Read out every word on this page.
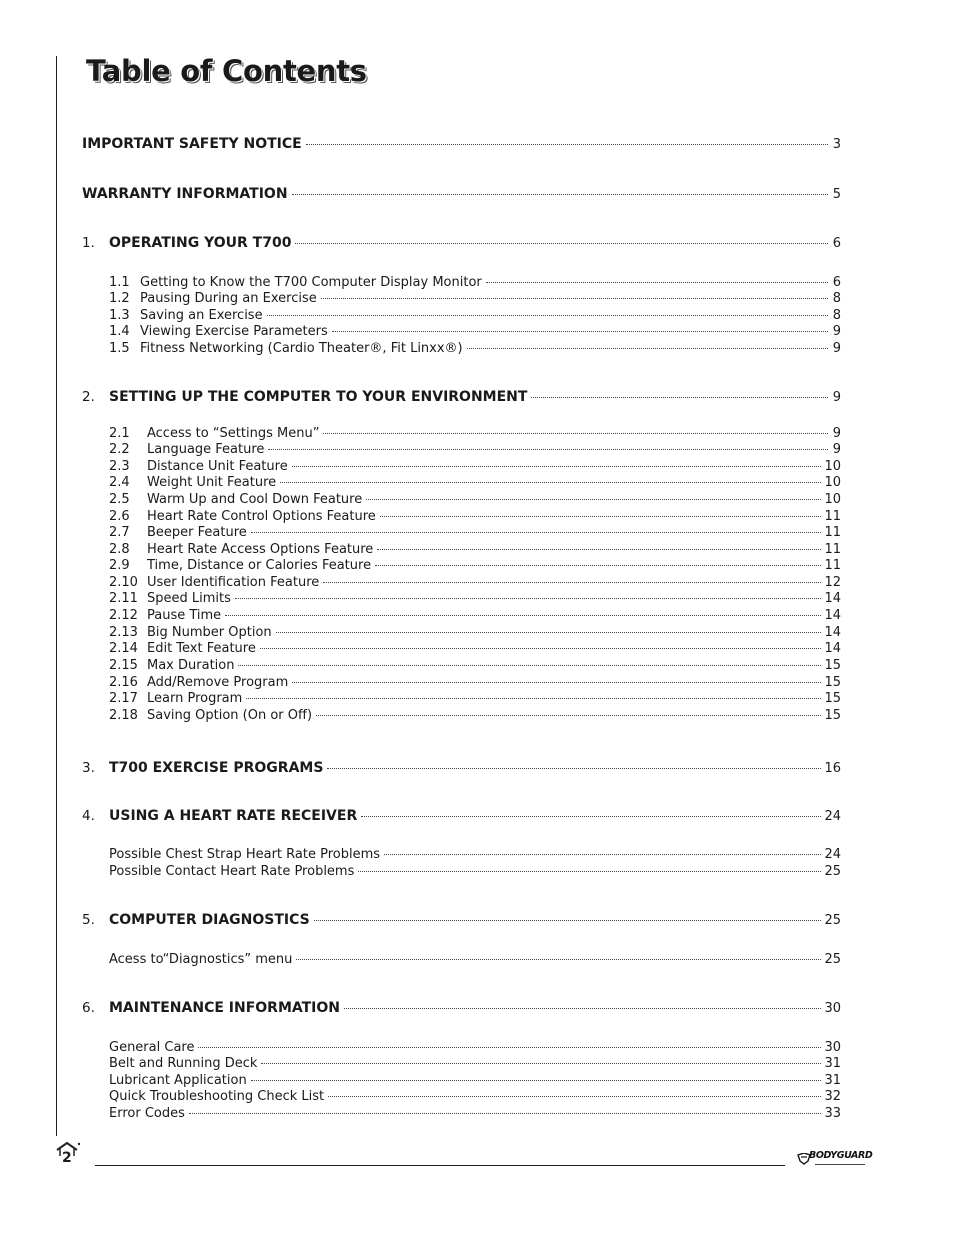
Table of Contents
IMPORTANT SAFETY NOTICE	3
WARRANTY INFORMATION	5
1.	OPERATING YOUR T700	6
1.1 Getting to Know the T700 Computer Display Monitor	6
1.2 Pausing During an Exercise	8
1.3 Saving an Exercise	8
1.4 Viewing Exercise Parameters	9
1.5 Fitness Networking (Cardio Theater®, Fit Linxx®)	9
2.	SETTING UP THE COMPUTER TO YOUR ENVIRONMENT	9
2.1	Access to “Settings Menu”	9
2.2	Language Feature	9
2.3	Distance Unit Feature	10
2.4	Weight Unit Feature	10
2.5	Warm Up and Cool Down Feature	10
2.6	Heart Rate Control Options Feature	11
2.7	Beeper Feature	11
2.8	Heart Rate Access Options Feature	11
2.9	Time, Distance or Calories Feature	11
2.10 User Identification Feature	12
2.11 Speed Limits	14
2.12 Pause Time	14
2.13 Big Number Option	14
2.14 Edit Text Feature	14
2.15 Max Duration	15
2.16 Add/Remove Program	15
2.17 Learn Program	15
2.18 Saving Option (On or Off)	15
3.	T700 EXERCISE PROGRAMS	16
4.	USING A HEART RATE RECEIVER	24
Possible Chest Strap Heart Rate Problems	24
Possible Contact Heart Rate Problems	25
5.	COMPUTER DIAGNOSTICS	25
Acess to“Diagnostics” menu	25
6.	MAINTENANCE INFORMATION	30
General Care	30
Belt and Running Deck	31
Lubricant Application	31
Quick Troubleshooting Check List	32
Error Codes	33
2	BODYGUARD
